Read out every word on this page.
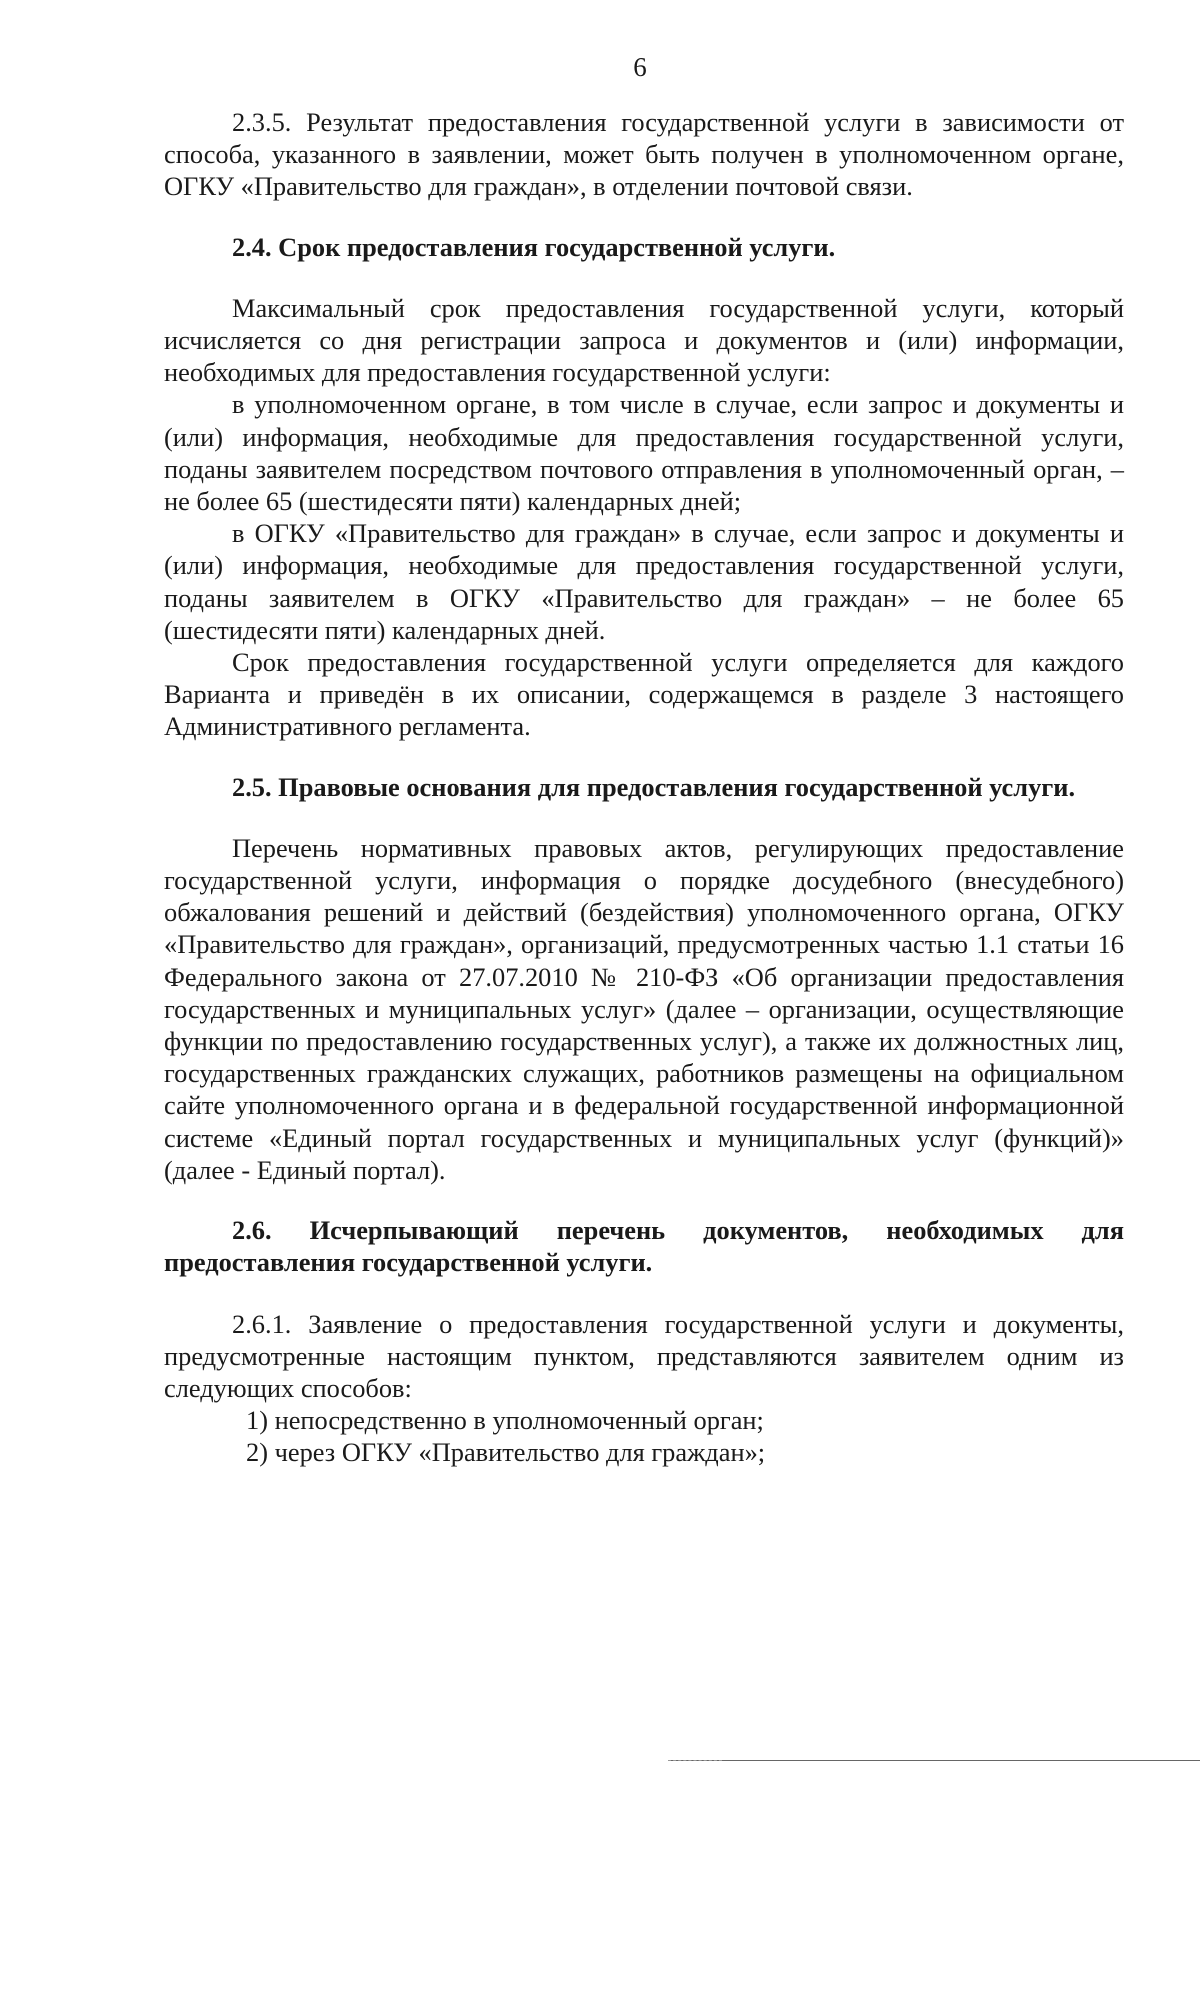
6

2.3.5. Результат предоставления государственной услуги в зависимости от способа, указанного в заявлении, может быть получен в уполномоченном органе, ОГКУ «Правительство для граждан», в отделении почтовой связи.

2.4. Срок предоставления государственной услуги.

Максимальный срок предоставления государственной услуги, который исчисляется со дня регистрации запроса и документов и (или) информации, необходимых для предоставления государственной услуги:

в уполномоченном органе, в том числе в случае, если запрос и документы и (или) информация, необходимые для предоставления государственной услуги, поданы заявителем посредством почтового отправления в уполномоченный орган, – не более 65 (шестидесяти пяти) календарных дней;

в ОГКУ «Правительство для граждан» в случае, если запрос и документы и (или) информация, необходимые для предоставления государственной услуги, поданы заявителем в ОГКУ «Правительство для граждан» – не более 65 (шестидесяти пяти) календарных дней.

Срок предоставления государственной услуги определяется для каждого Варианта и приведён в их описании, содержащемся в разделе 3 настоящего Административного регламента.

2.5. Правовые основания для предоставления государственной услуги.

Перечень нормативных правовых актов, регулирующих предоставление государственной услуги, информация о порядке досудебного (внесудебного) обжалования решений и действий (бездействия) уполномоченного органа, ОГКУ «Правительство для граждан», организаций, предусмотренных частью 1.1 статьи 16 Федерального закона от 27.07.2010 № 210-ФЗ «Об организации предоставления государственных и муниципальных услуг» (далее – организации, осуществляющие функции по предоставлению государственных услуг), а также их должностных лиц, государственных гражданских служащих, работников размещены на официальном сайте уполномоченного органа и в федеральной государственной информационной системе «Единый портал государственных и муниципальных услуг (функций)» (далее - Единый портал).

2.6. Исчерпывающий перечень документов, необходимых для предоставления государственной услуги.

2.6.1. Заявление о предоставления государственной услуги и документы, предусмотренные настоящим пунктом, представляются заявителем одним из следующих способов:

1) непосредственно в уполномоченный орган;

2) через ОГКУ «Правительство для граждан»;
